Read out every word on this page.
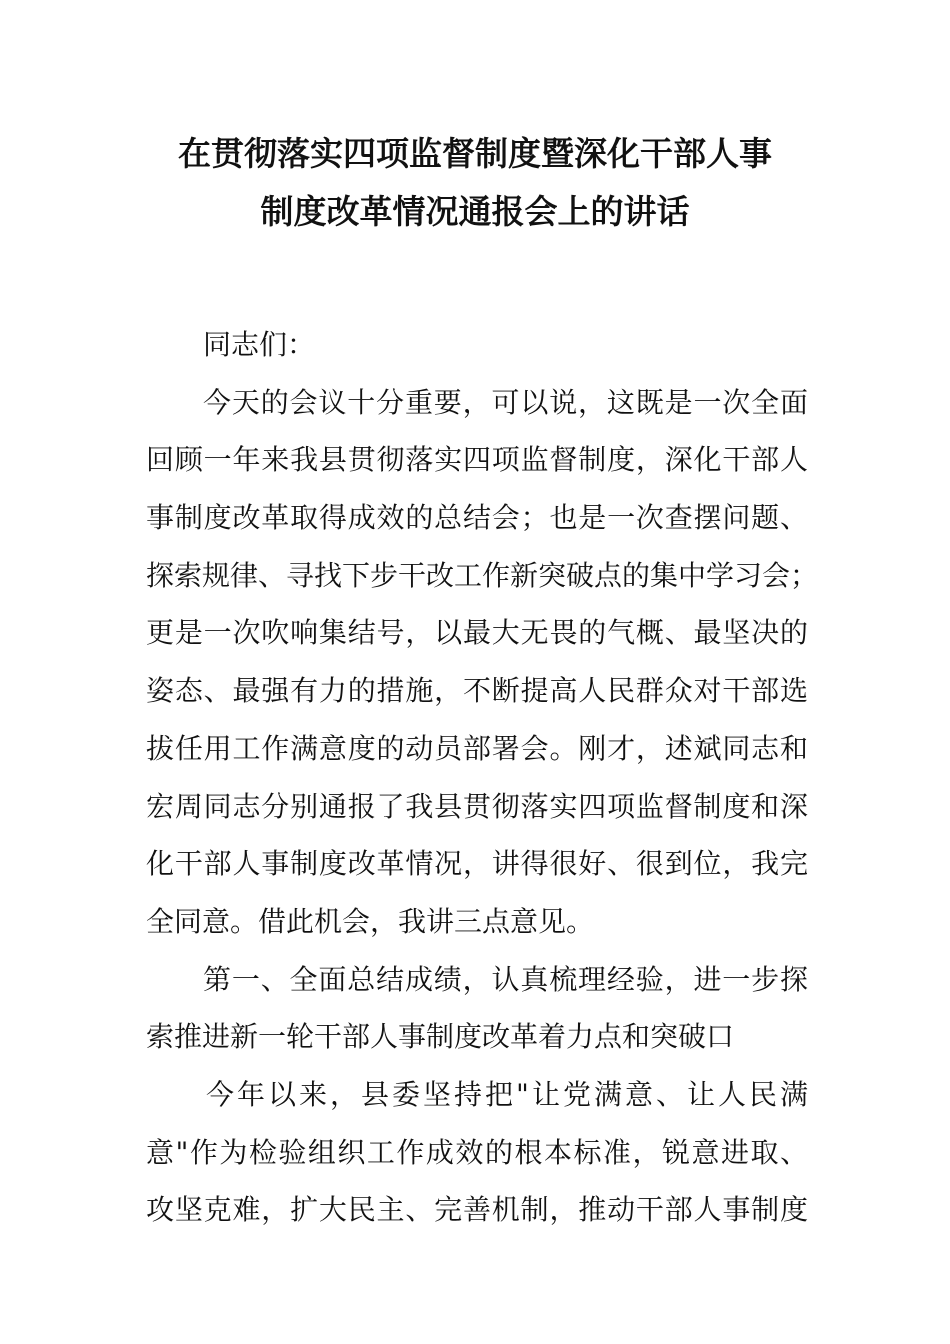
在贯彻落实四项监督制度暨深化干部人事
制度改革情况通报会上的讲话
同志们：
今天的会议十分重要，可以说，这既是一次全面
回顾一年来我县贯彻落实四项监督制度，深化干部人
事制度改革取得成效的总结会；也是一次查摆问题、
探索规律、寻找下步干改工作新突破点的集中学习会；
更是一次吹响集结号，以最大无畏的气概、最坚决的
姿态、最强有力的措施，不断提高人民群众对干部选
拔任用工作满意度的动员部署会。刚才，述斌同志和
宏周同志分别通报了我县贯彻落实四项监督制度和深
化干部人事制度改革情况，讲得很好、很到位，我完
全同意。借此机会，我讲三点意见。
第一、全面总结成绩，认真梳理经验，进一步探
索推进新一轮干部人事制度改革着力点和突破口
今年以来，县委坚持把"让党满意、让人民满
意"作为检验组织工作成效的根本标准，锐意进取、
攻坚克难，扩大民主、完善机制，推动干部人事制度
